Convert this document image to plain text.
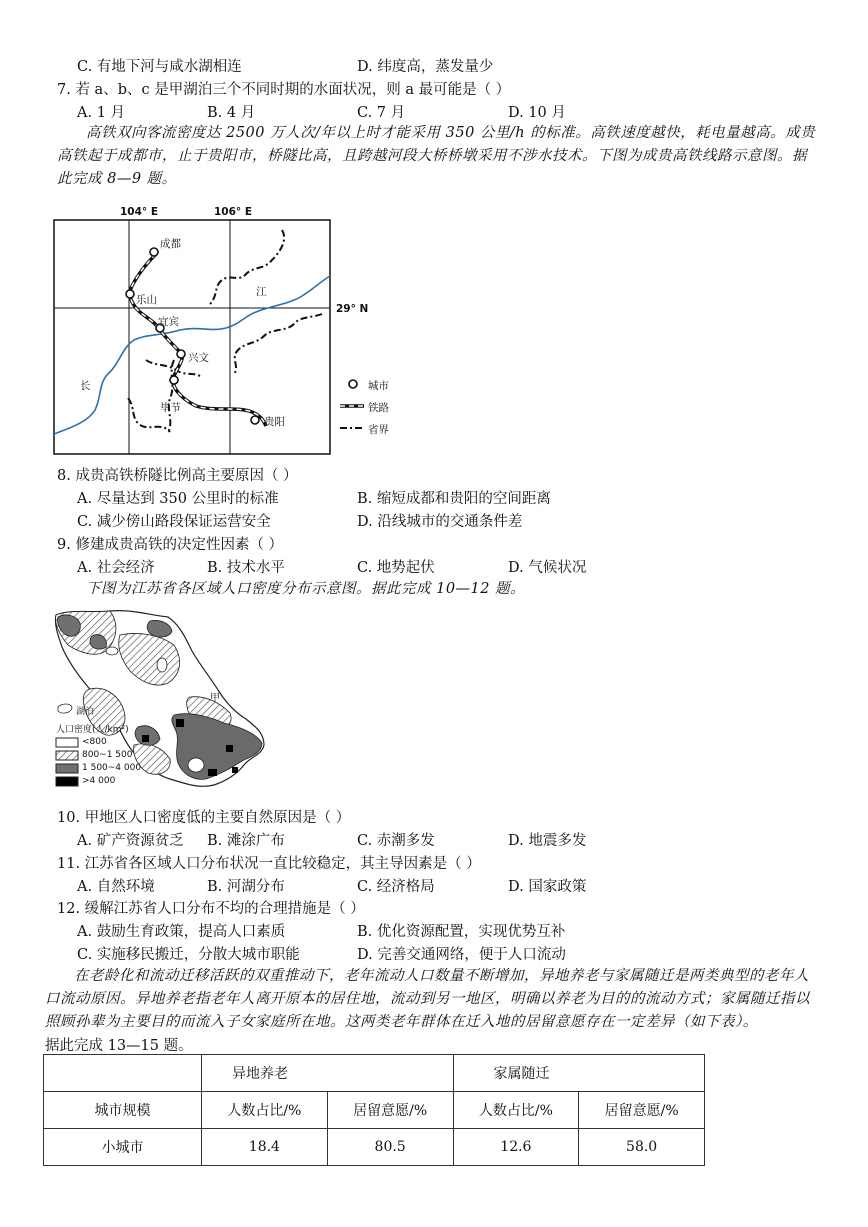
C. 有地下河与咸水湖相连	D. 纬度高，蒸发量少
7. 若 a、b、c 是甲湖泊三个不同时期的水面状况，则 a 最可能是（ ）
A. 1 月	B. 4 月	C. 7 月	D. 10 月
高铁双向客流密度达 2500 万人次/年以上时才能采用 350 公里/h 的标准。高铁速度越快，耗电量越高。成贵高铁起于成都市，止于贵阳市，桥隧比高，且跨越河段大桥桥墩采用不涉水技术。下图为成贵高铁线路示意图。据此完成 8—9 题。
104° E	106° E
29° N
成都
乐山
宜宾
兴文
毕节
贵阳
江
长	城市
铁路
省界
8. 成贵高铁桥隧比例高主要原因（ ）
A. 尽量达到 350 公里时的标准	B. 缩短成都和贵阳的空间距离
C. 减少傍山路段保证运营安全	D. 沿线城市的交通条件差
9. 修建成贵高铁的决定性因素（ ）
A. 社会经济	B. 技术水平	C. 地势起伏	D. 气候状况
下图为江苏省各区域人口密度分布示意图。据此完成 10—12 题。
甲
湖泊
人口密度(人/km²)
<800
800~1 500
1 500~4 000
>4 000
10. 甲地区人口密度低的主要自然原因是（ ）
A. 矿产资源贫乏 B. 滩涂广布	C. 赤潮多发	D. 地震多发
11. 江苏省各区域人口分布状况一直比较稳定，其主导因素是（ ）
A. 自然环境	B. 河湖分布	C. 经济格局	D. 国家政策
12. 缓解江苏省人口分布不均的合理措施是（ ）
A. 鼓励生育政策，提高人口素质	B. 优化资源配置，实现优势互补
C. 实施移民搬迁，分散大城市职能	D. 完善交通网络，便于人口流动
在老龄化和流动迁移活跃的双重推动下，老年流动人口数量不断增加，异地养老与家属随迁是两类典型的老年人口流动原因。异地养老指老年人离开原本的居住地，流动到另一地区，明确以养老为目的的流动方式；家属随迁指以照顾孙辈为主要目的而流入子女家庭所在地。这两类老年群体在迁入地的居留意愿存在一定差异（如下表）。
据此完成 13—15 题。
	异地养老		家属随迁	
城市规模	人数占比/%	居留意愿/%	人数占比/%	居留意愿/%
小城市	18.4	80.5	12.6	58.0
